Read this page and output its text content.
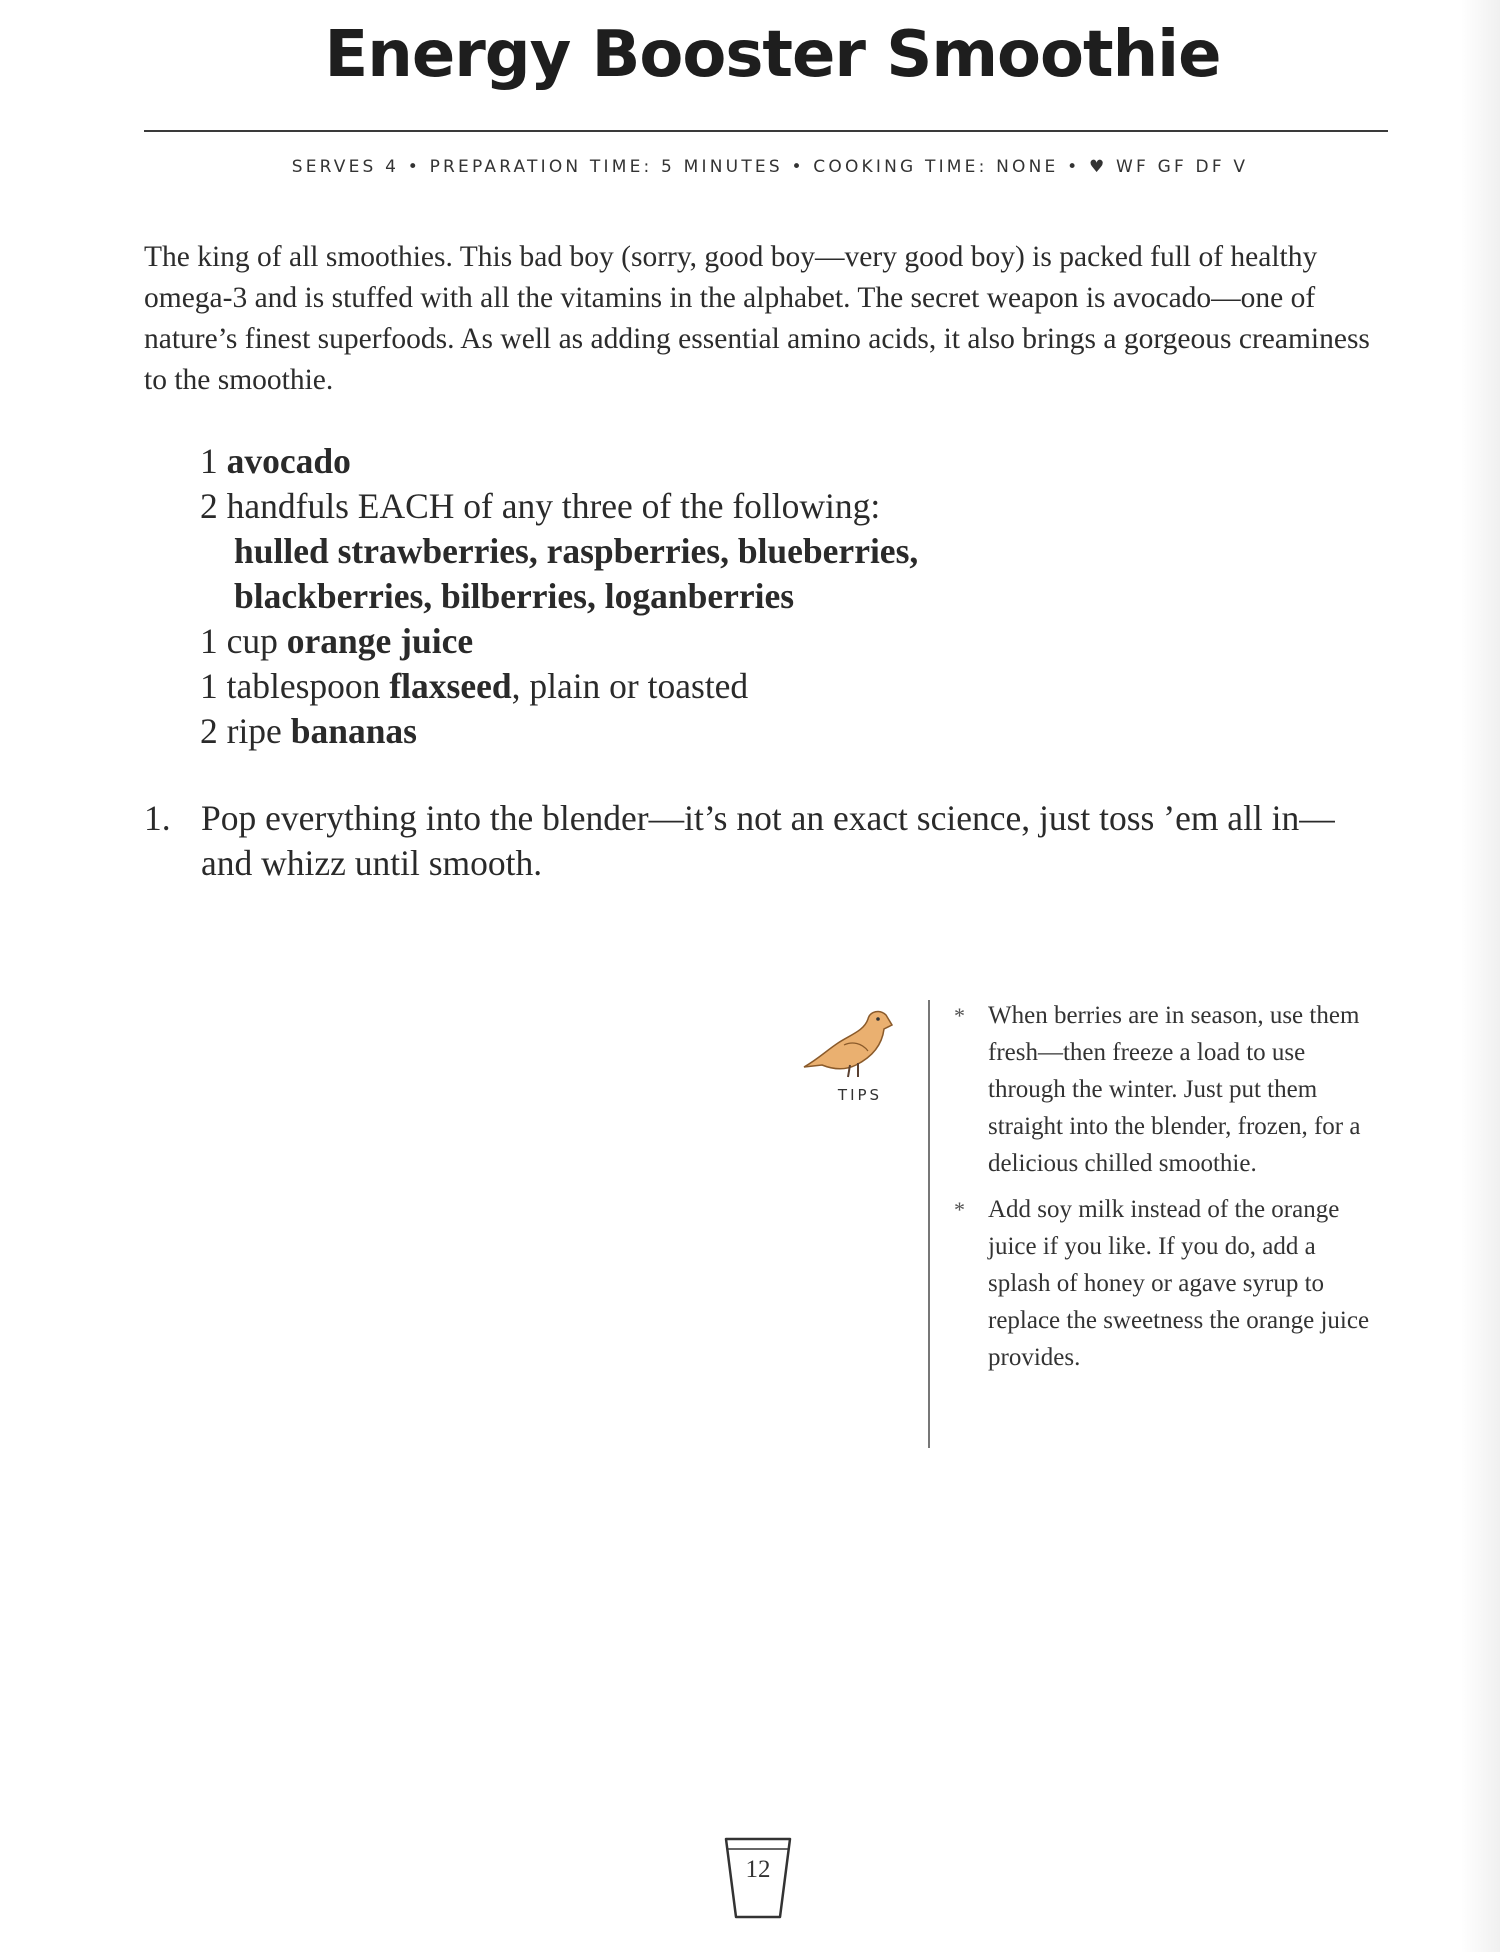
Energy Booster Smoothie
SERVES 4 • PREPARATION TIME: 5 MINUTES • COOKING TIME: NONE • ♥ WF GF DF V

The king of all smoothies. This bad boy (sorry, good boy—very good boy) is packed full of healthy omega-3 and is stuffed with all the vitamins in the alphabet. The secret weapon is avocado—one of nature’s finest superfoods. As well as adding essential amino acids, it also brings a gorgeous creaminess to the smoothie.

1 avocado
2 handfuls EACH of any three of the following:
hulled strawberries, raspberries, blueberries,
blackberries, bilberries, loganberries
1 cup orange juice
1 tablespoon flaxseed, plain or toasted
2 ripe bananas
1. Pop everything into the blender—it’s not an exact science, just toss ’em all in—and whizz until smooth.
TIPS
* When berries are in season, use them fresh—then freeze a load to use through the winter. Just put them straight into the blender, frozen, for a delicious chilled smoothie.
* Add soy milk instead of the orange juice if you like. If you do, add a splash of honey or agave syrup to replace the sweetness the orange juice provides.
12
